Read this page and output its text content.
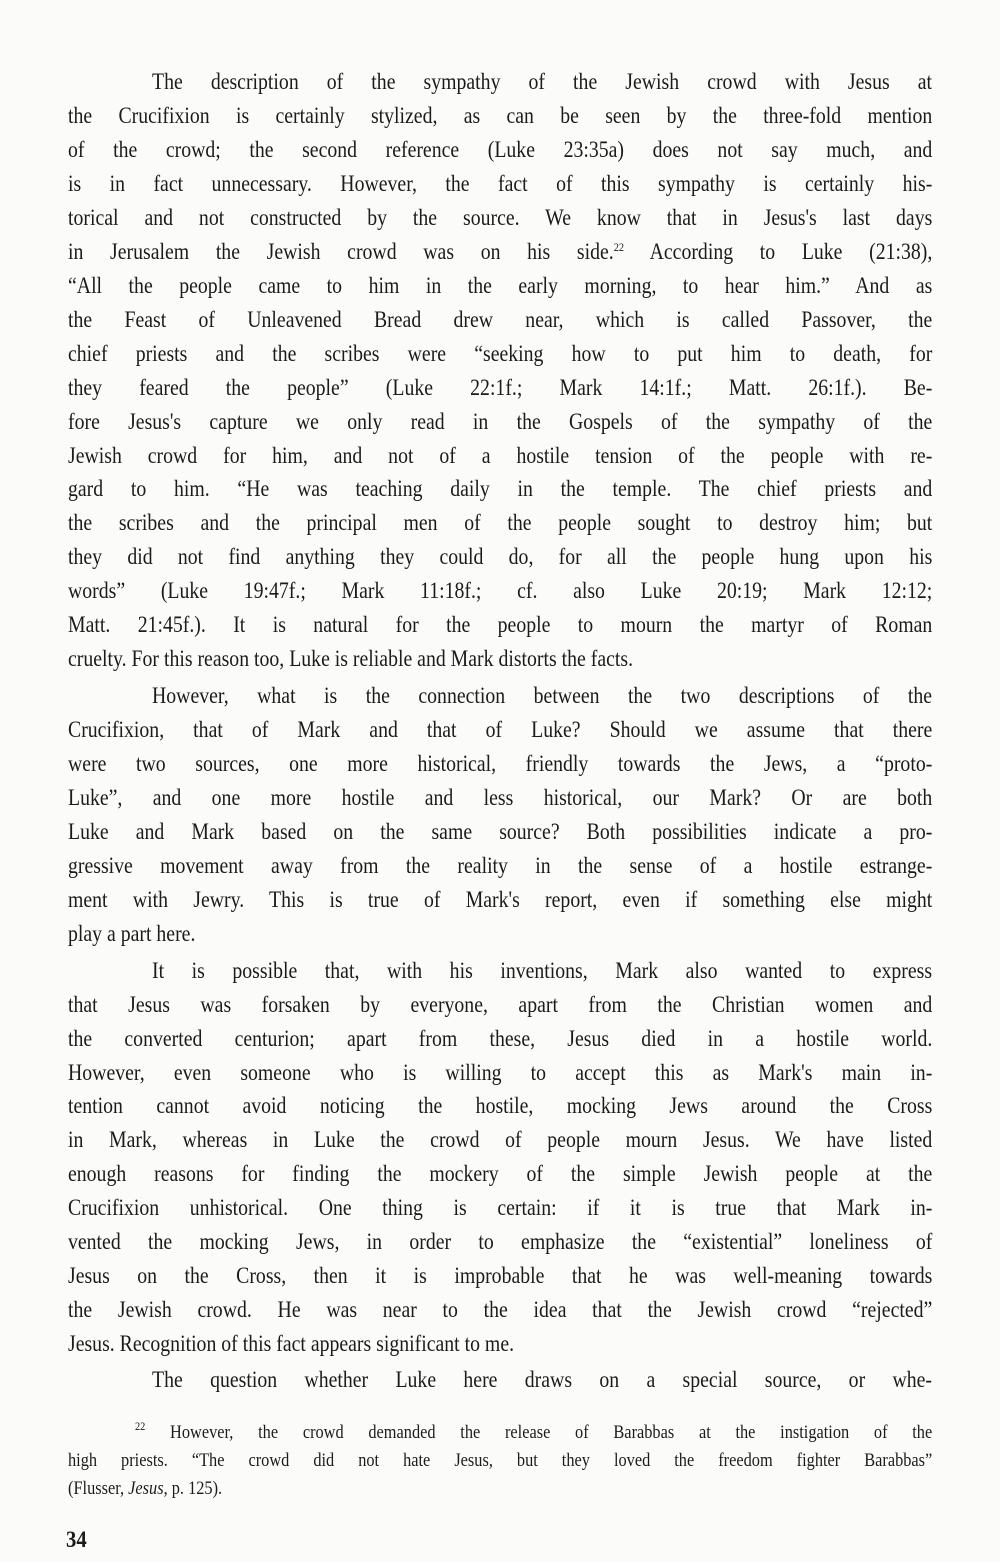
The description of the sympathy of the Jewish crowd with Jesus at
the Crucifixion is certainly stylized, as can be seen by the three-fold mention
of the crowd; the second reference (Luke 23:35a) does not say much, and
is in fact unnecessary. However, the fact of this sympathy is certainly his-
torical and not constructed by the source. We know that in Jesus's last days
in Jerusalem the Jewish crowd was on his side.$^{22}$ According to Luke (21:38),
“All the people came to him in the early morning, to hear him.” And as
the Feast of Unleavened Bread drew near, which is called Passover, the
chief priests and the scribes were “seeking how to put him to death, for
they feared the people” (Luke 22:1f.; Mark 14:1f.; Matt. 26:1f.). Be-
fore Jesus's capture we only read in the Gospels of the sympathy of the
Jewish crowd for him, and not of a hostile tension of the people with re-
gard to him. “He was teaching daily in the temple. The chief priests and
the scribes and the principal men of the people sought to destroy him; but
they did not find anything they could do, for all the people hung upon his
words” (Luke 19:47f.; Mark 11:18f.; cf. also Luke 20:19; Mark 12:12;
Matt. 21:45f.). It is natural for the people to mourn the martyr of Roman
cruelty. For this reason too, Luke is reliable and Mark distorts the facts.
However, what is the connection between the two descriptions of the
Crucifixion, that of Mark and that of Luke? Should we assume that there
were two sources, one more historical, friendly towards the Jews, a “proto-
Luke”, and one more hostile and less historical, our Mark? Or are both
Luke and Mark based on the same source? Both possibilities indicate a pro-
gressive movement away from the reality in the sense of a hostile estrange-
ment with Jewry. This is true of Mark's report, even if something else might
play a part here.
It is possible that, with his inventions, Mark also wanted to express
that Jesus was forsaken by everyone, apart from the Christian women and
the converted centurion; apart from these, Jesus died in a hostile world.
However, even someone who is willing to accept this as Mark's main in-
tention cannot avoid noticing the hostile, mocking Jews around the Cross
in Mark, whereas in Luke the crowd of people mourn Jesus. We have listed
enough reasons for finding the mockery of the simple Jewish people at the
Crucifixion unhistorical. One thing is certain: if it is true that Mark in-
vented the mocking Jews, in order to emphasize the “existential” loneliness of
Jesus on the Cross, then it is improbable that he was well-meaning towards
the Jewish crowd. He was near to the idea that the Jewish crowd “rejected”
Jesus. Recognition of this fact appears significant to me.
The question whether Luke here draws on a special source, or whe-
$^{22}$ However, the crowd demanded the release of Barabbas at the instigation of the
high priests. “The crowd did not hate Jesus, but they loved the freedom fighter Barabbas”
(Flusser, Jesus, p. 125).
34
